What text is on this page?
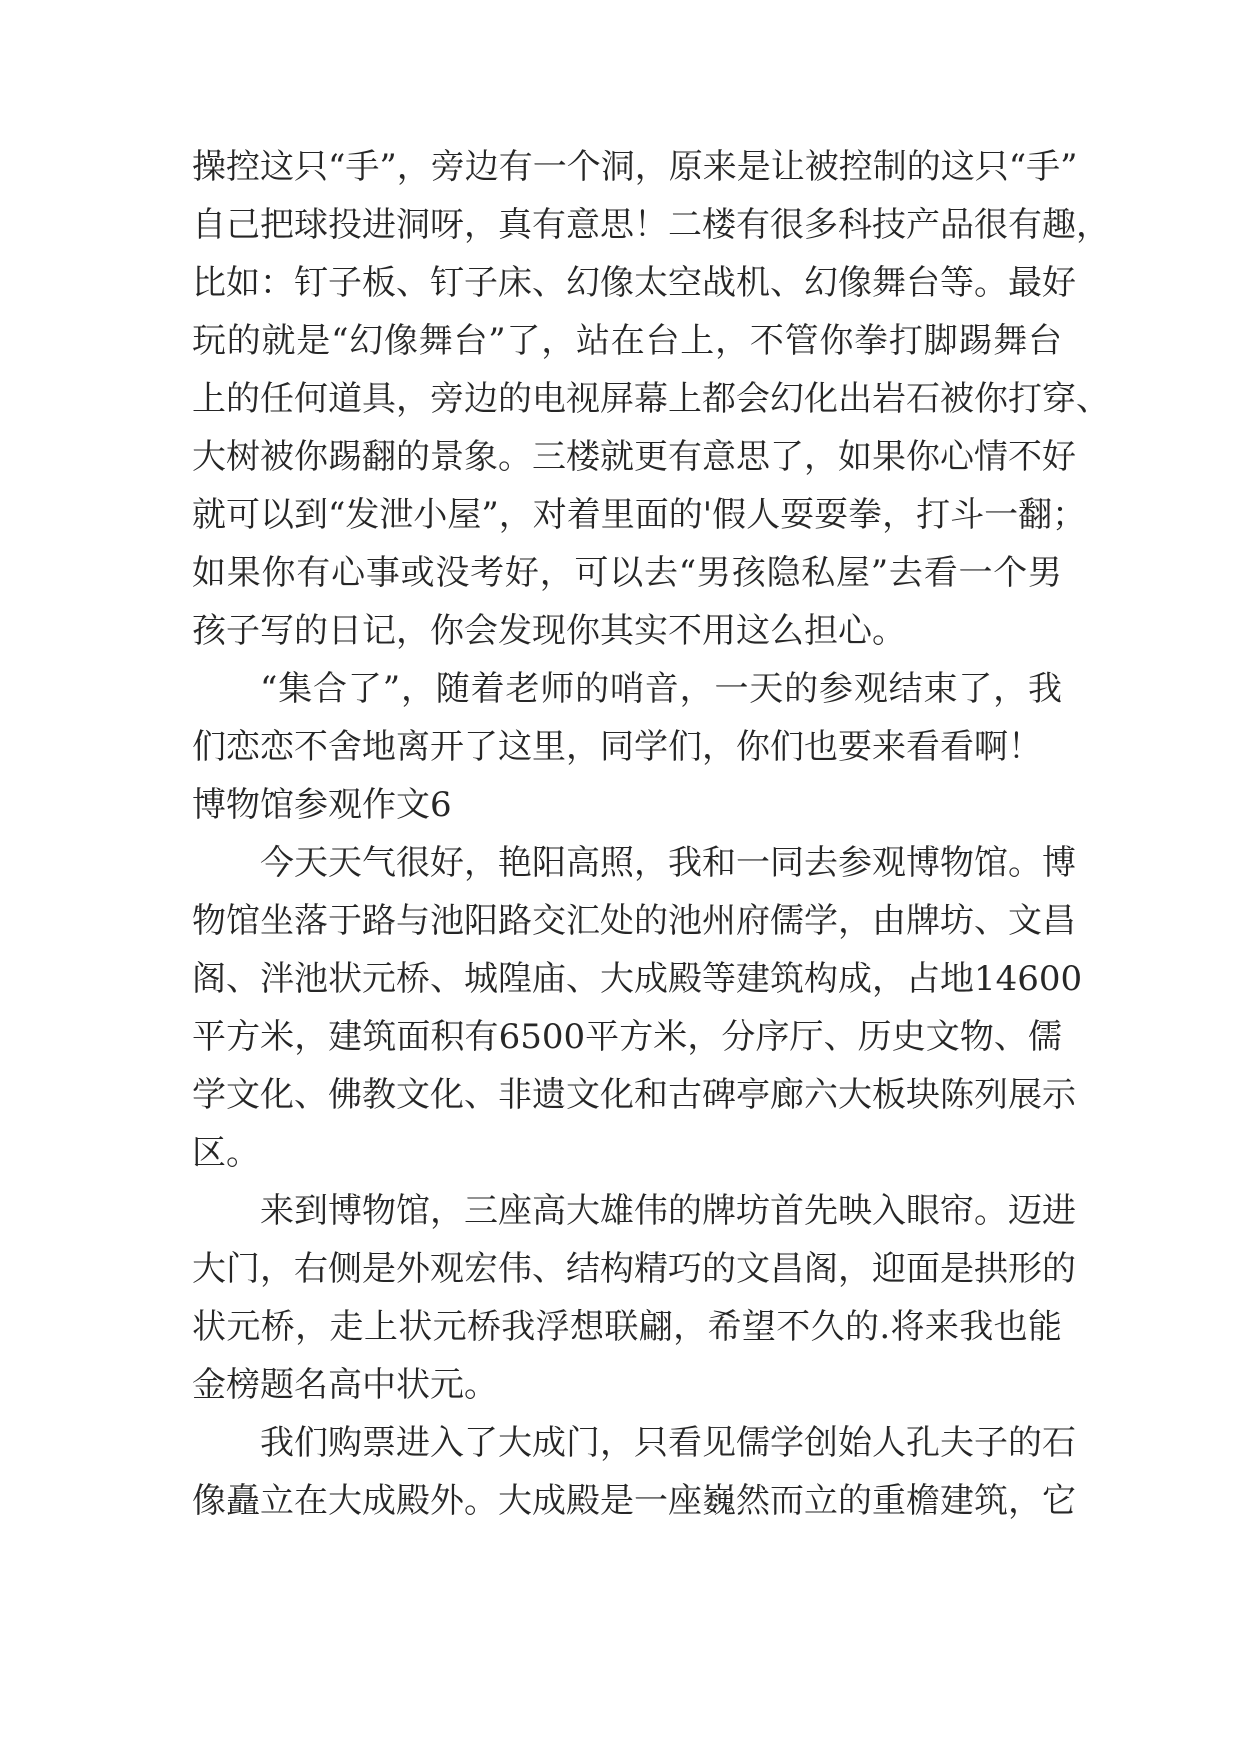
操控这只“手”，旁边有一个洞，原来是让被控制的这只“手”
自己把球投进洞呀，真有意思！二楼有很多科技产品很有趣，
比如：钉子板、钉子床、幻像太空战机、幻像舞台等。最好
玩的就是“幻像舞台”了，站在台上，不管你拳打脚踢舞台
上的任何道具，旁边的电视屏幕上都会幻化出岩石被你打穿、
大树被你踢翻的景象。三楼就更有意思了，如果你心情不好
就可以到“发泄小屋”，对着里面的'假人耍耍拳，打斗一翻；
如果你有心事或没考好，可以去“男孩隐私屋”去看一个男
孩子写的日记，你会发现你其实不用这么担心。
“集合了”，随着老师的哨音，一天的参观结束了，我
们恋恋不舍地离开了这里，同学们，你们也要来看看啊！
博物馆参观作文6
今天天气很好，艳阳高照，我和一同去参观博物馆。博
物馆坐落于路与池阳路交汇处的池州府儒学，由牌坊、文昌
阁、泮池状元桥、城隍庙、大成殿等建筑构成，占地14600
平方米，建筑面积有6500平方米，分序厅、历史文物、儒
学文化、佛教文化、非遗文化和古碑亭廊六大板块陈列展示
区。
来到博物馆，三座高大雄伟的牌坊首先映入眼帘。迈进
大门，右侧是外观宏伟、结构精巧的文昌阁，迎面是拱形的
状元桥，走上状元桥我浮想联翩，希望不久的.将来我也能
金榜题名高中状元。
我们购票进入了大成门，只看见儒学创始人孔夫子的石
像矗立在大成殿外。大成殿是一座巍然而立的重檐建筑，它
